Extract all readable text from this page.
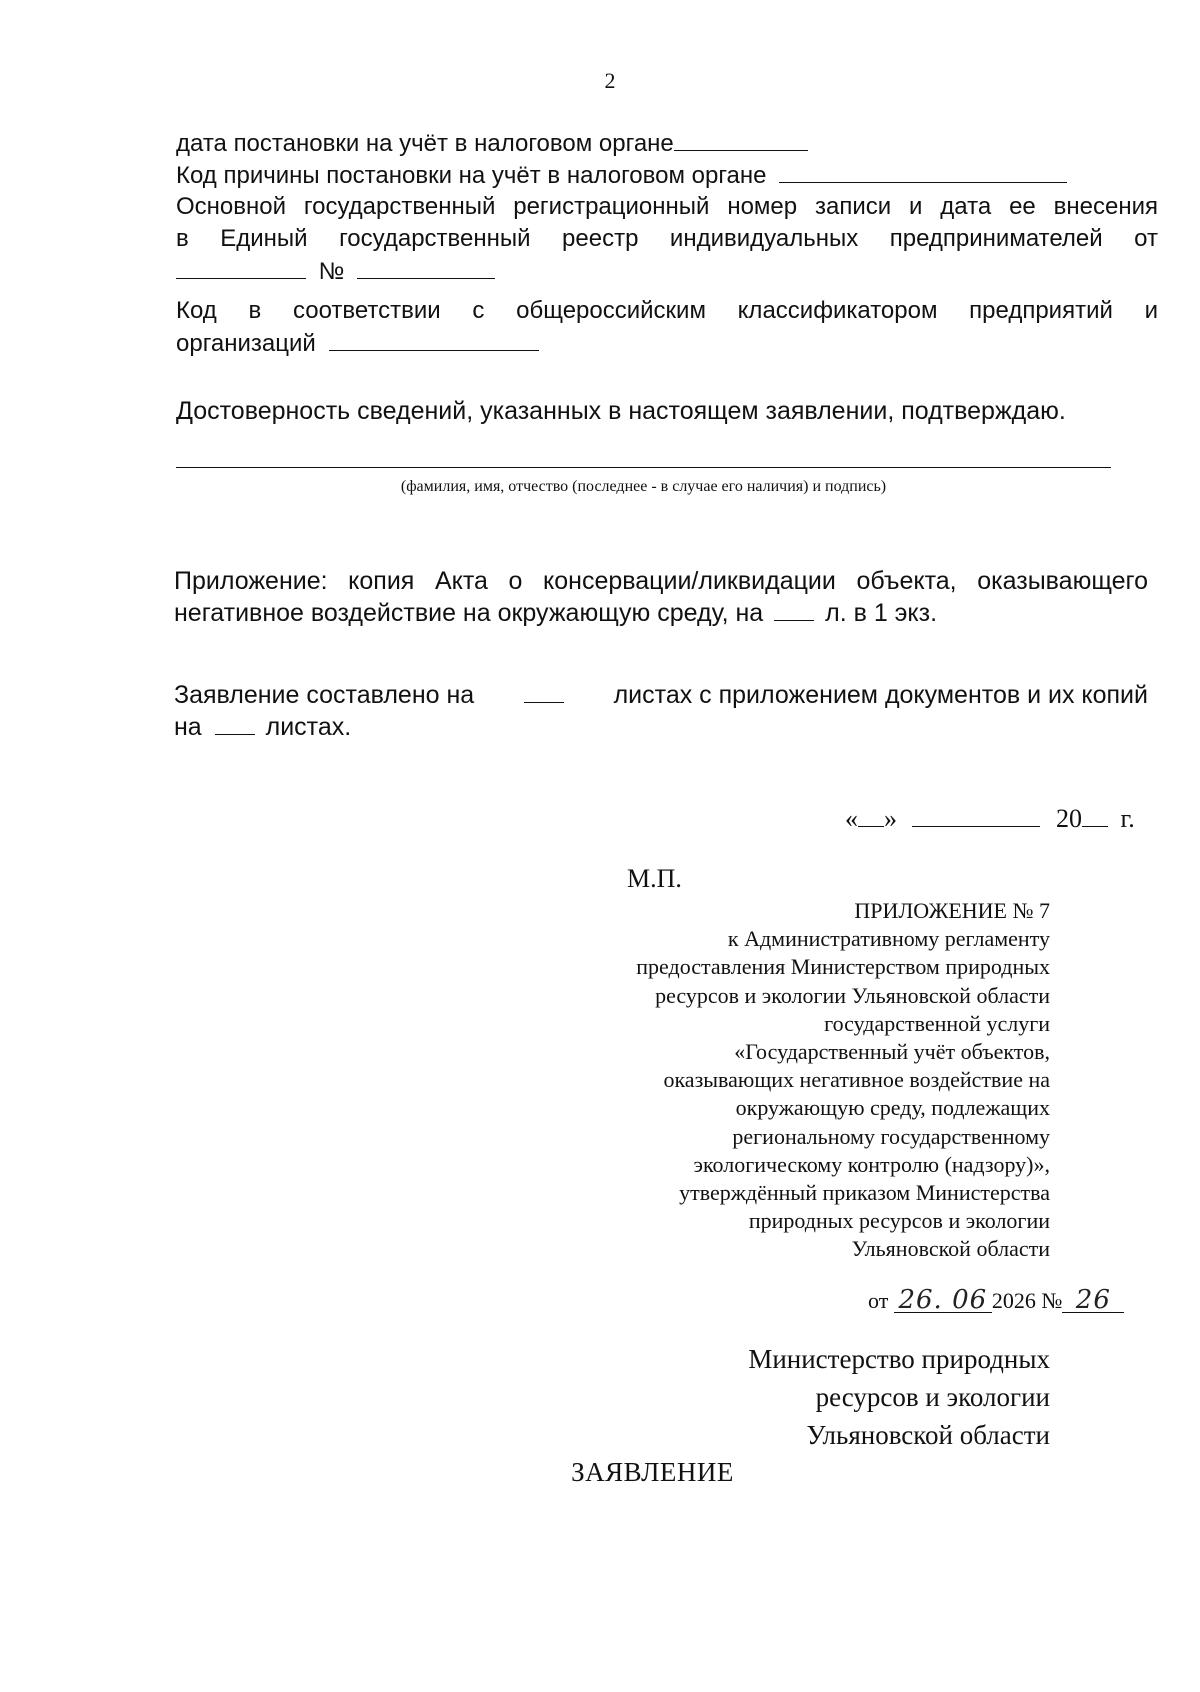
2
дата постановки на учёт в налоговом органе
Код причины постановки на учёт в налоговом органе
Основной государственный регистрационный номер записи и дата ее внесения
в Единый государственный реестр индивидуальных предпринимателей от
№
Код в соответствии с общероссийским классификатором предприятий и
организаций
Достоверность сведений, указанных в настоящем заявлении, подтверждаю.
(фамилия, имя, отчество (последнее - в случае его наличия) и подпись)
Приложение: копия Акта о консервации/ликвидации объекта, оказывающего
негативное воздействие на окружающую среду, на л. в 1 экз.
Заявление составлено на	листах с приложением документов и их копий
на	листах.
« »	20 г.
М.П.
ПРИЛОЖЕНИЕ № 7
к Административному регламенту
предоставления Министерством природных
ресурсов и экологии Ульяновской области
государственной услуги
«Государственный учёт объектов,
оказывающих негативное воздействие на
окружающую среду, подлежащих
региональному государственному
экологическому контролю (надзору)»,
утверждённый приказом Министерства
природных ресурсов и экологии
Ульяновской области
от 26. 06 2026 № 26
Министерство природных
ресурсов и экологии
Ульяновской области
ЗАЯВЛЕНИЕ
